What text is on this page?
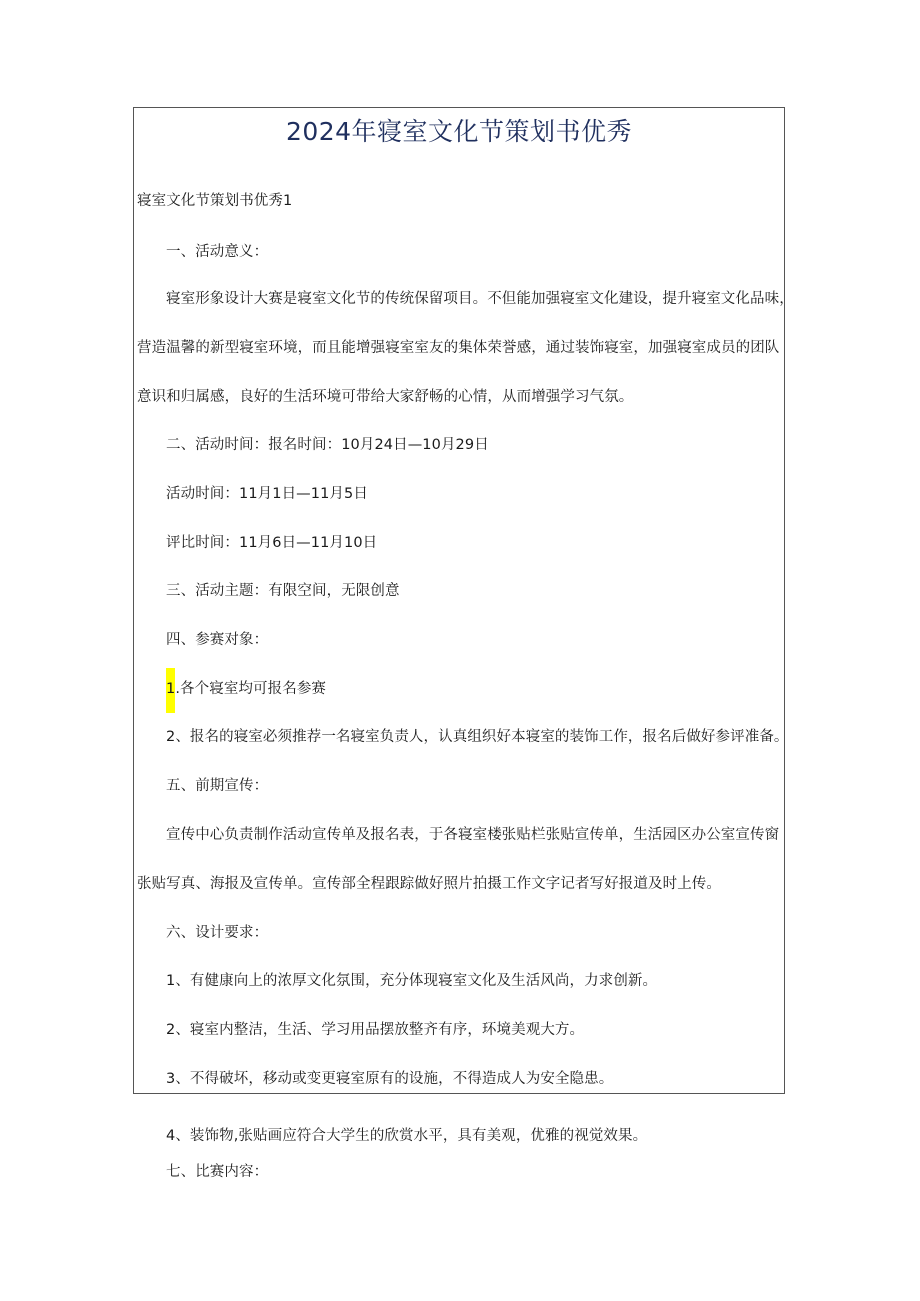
2024年寝室文化节策划书优秀
寝室文化节策划书优秀1
一、活动意义：
寝室形象设计大赛是寝室文化节的传统保留项目。不但能加强寝室文化建设，提升寝室文化品味，
营造温馨的新型寝室环境，而且能增强寝室室友的集体荣誉感，通过装饰寝室，加强寝室成员的团队
意识和归属感，良好的生活环境可带给大家舒畅的心情，从而增强学习气氛。
二、活动时间：报名时间：10月24日—10月29日
活动时间：11月1日—11月5日
评比时间：11月6日—11月10日
三、活动主题：有限空间，无限创意
四、参赛对象：
1.各个寝室均可报名参赛
2、报名的寝室必须推荐一名寝室负责人，认真组织好本寝室的装饰工作，报名后做好参评准备。
五、前期宣传：
宣传中心负责制作活动宣传单及报名表，于各寝室楼张贴栏张贴宣传单，生活园区办公室宣传窗
张贴写真、海报及宣传单。宣传部全程跟踪做好照片拍摄工作文字记者写好报道及时上传。
六、设计要求：
1、有健康向上的浓厚文化氛围，充分体现寝室文化及生活风尚，力求创新。
2、寝室内整洁，生活、学习用品摆放整齐有序，环境美观大方。
3、不得破坏，移动或变更寝室原有的设施，不得造成人为安全隐患。
4、装饰物,张贴画应符合大学生的欣赏水平，具有美观，优雅的视觉效果。
七、比赛内容：
